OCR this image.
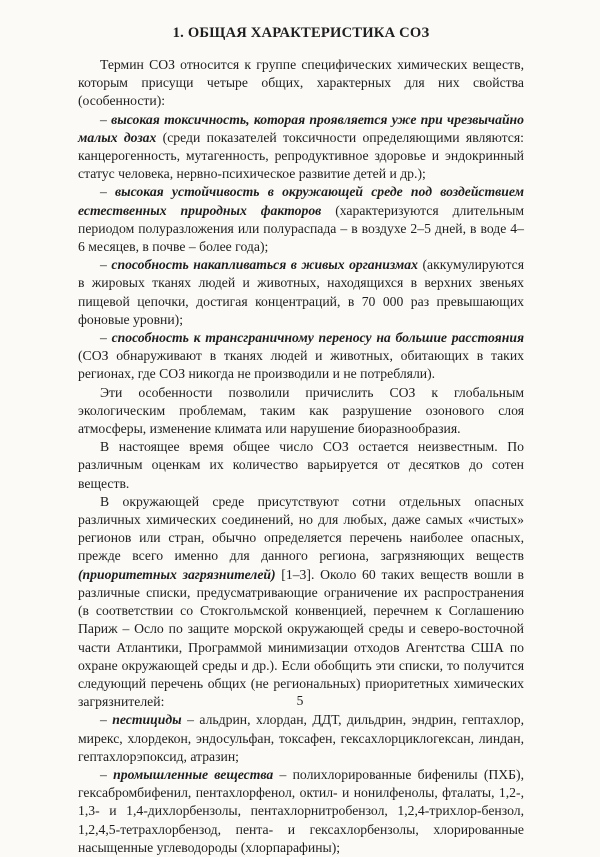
1. ОБЩАЯ ХАРАКТЕРИСТИКА СОЗ

Термин СОЗ относится к группе специфических химических веществ, которым присущи четыре общих, характерных для них свойства (особенности):

– высокая токсичность, которая проявляется уже при чрезвычайно малых дозах (среди показателей токсичности определяющими являются: канцерогенность, мутагенность, репродуктивное здоровье и эндокринный статус человека, нервно-психическое развитие детей и др.);

– высокая устойчивость в окружающей среде под воздействием естественных природных факторов (характеризуются длительным периодом полуразложения или полураспада – в воздухе 2–5 дней, в воде 4–6 месяцев, в почве – более года);

– способность накапливаться в живых организмах (аккумулируются в жировых тканях людей и животных, находящихся в верхних звеньях пищевой цепочки, достигая концентраций, в 70 000 раз превышающих фоновые уровни);

– способность к трансграничному переносу на большие расстояния (СОЗ обнаруживают в тканях людей и животных, обитающих в таких регионах, где СОЗ никогда не производили и не потребляли).

Эти особенности позволили причислить СОЗ к глобальным экологическим проблемам, таким как разрушение озонового слоя атмосферы, изменение климата или нарушение биоразнообразия.

В настоящее время общее число СОЗ остается неизвестным. По различным оценкам их количество варьируется от десятков до сотен веществ.

В окружающей среде присутствуют сотни отдельных опасных различных химических соединений, но для любых, даже самых «чистых» регионов или стран, обычно определяется перечень наиболее опасных, прежде всего именно для данного региона, загрязняющих веществ (приоритетных загрязнителей) [1–3]. Около 60 таких веществ вошли в различные списки, предусматривающие ограничение их распространения (в соответствии со Стокгольмской конвенцией, перечнем к Соглашению Париж – Осло по защите морской окружающей среды и северо-восточной части Атлантики, Программой минимизации отходов Агентства США по охране окружающей среды и др.). Если обобщить эти списки, то получится следующий перечень общих (не региональных) приоритетных химических загрязнителей:

– пестициды – альдрин, хлордан, ДДТ, дильдрин, эндрин, гептахлор, мирекс, хлордекон, эндосульфан, токсафен, гексахлорциклогексан, линдан, гептахлорэпоксид, атразин;

– промышленные вещества – полихлорированные бифенилы (ПХБ), гексабромбифенил, пентахлорфенол, октил- и нонилфенолы, фталаты, 1,2-, 1,3- и 1,4-дихлорбензолы, пентахлорнитробензол, 1,2,4-трихлор-бензол, 1,2,4,5-тетрахлорбензод, пента- и гексахлорбензолы, хлорированные насыщенные углеводороды (хлорпарафины);

5
